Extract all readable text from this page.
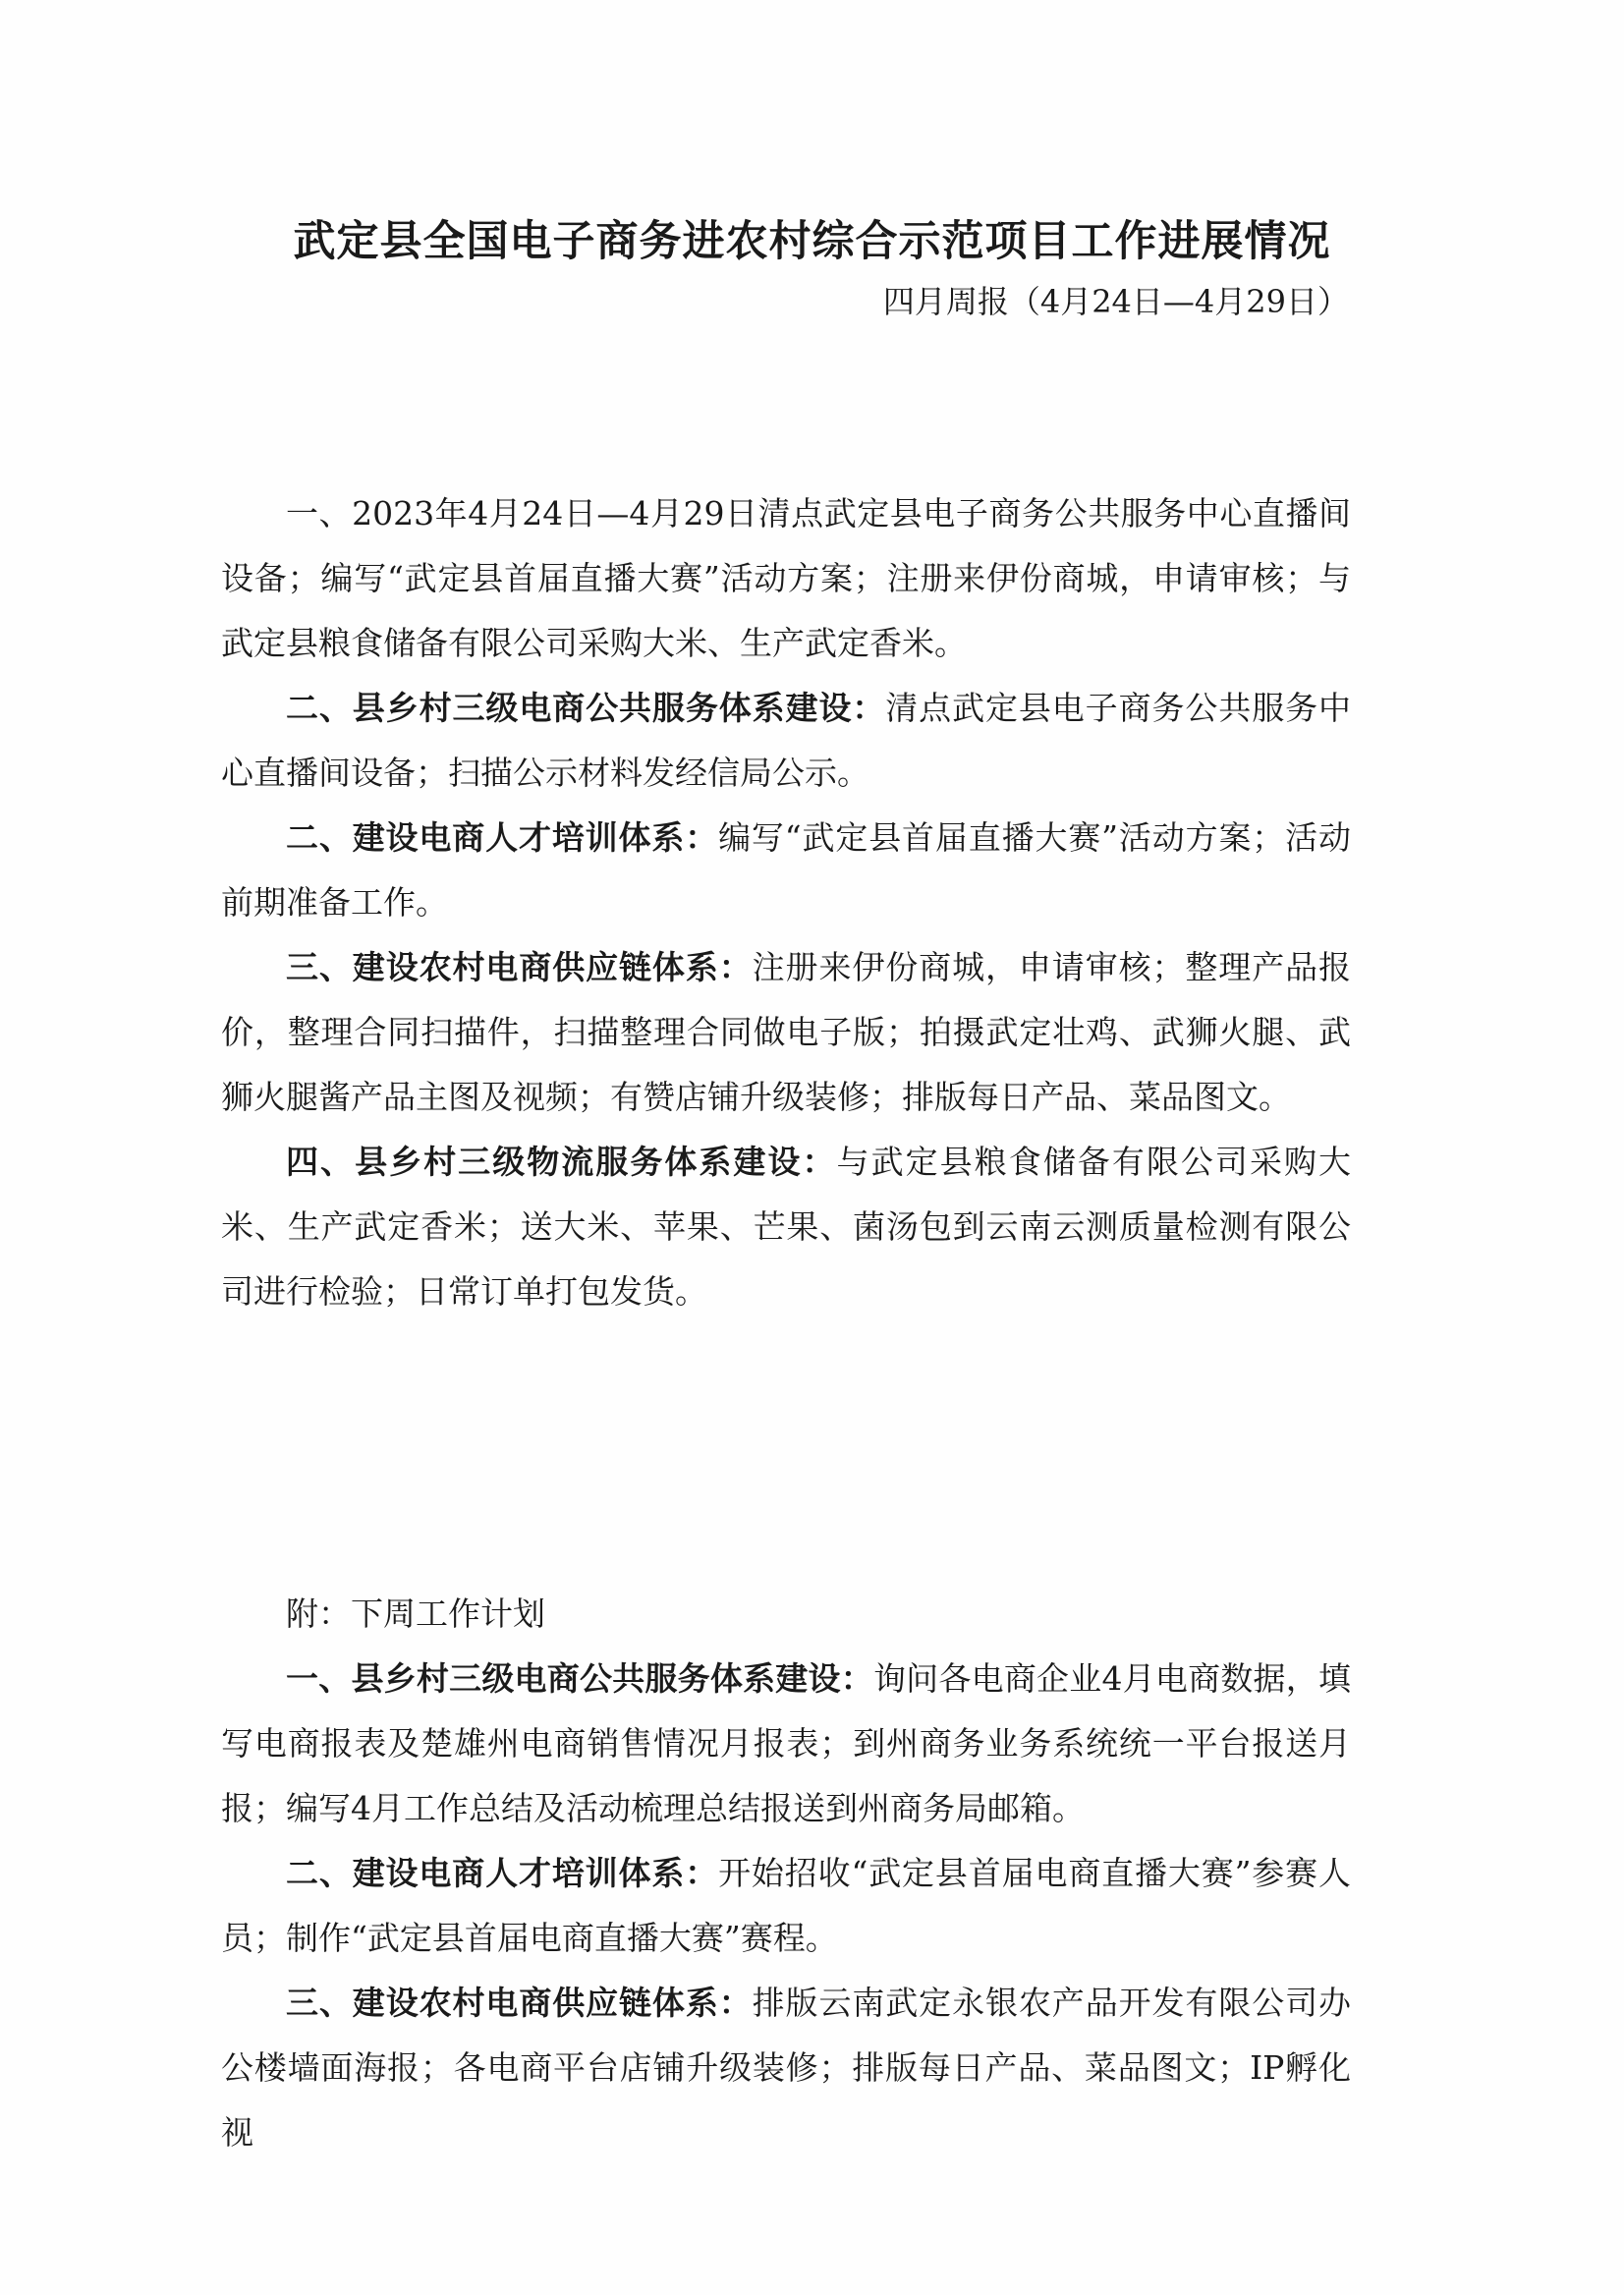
武定县全国电子商务进农村综合示范项目工作进展情况
四月周报（4月24日—4月29日）

一、2023年4月24日—4月29日清点武定县电子商务公共服务中心直播间设备；编写“武定县首届直播大赛”活动方案；注册来伊份商城，申请审核；与武定县粮食储备有限公司采购大米、生产武定香米。

二、县乡村三级电商公共服务体系建设：清点武定县电子商务公共服务中心直播间设备；扫描公示材料发经信局公示。

二、建设电商人才培训体系：编写“武定县首届直播大赛”活动方案；活动前期准备工作。

三、建设农村电商供应链体系：注册来伊份商城，申请审核；整理产品报价，整理合同扫描件，扫描整理合同做电子版；拍摄武定壮鸡、武狮火腿、武狮火腿酱产品主图及视频；有赞店铺升级装修；排版每日产品、菜品图文。

四、县乡村三级物流服务体系建设：与武定县粮食储备有限公司采购大米、生产武定香米；送大米、苹果、芒果、菌汤包到云南云测质量检测有限公司进行检验；日常订单打包发货。

附：下周工作计划

一、县乡村三级电商公共服务体系建设：询问各电商企业4月电商数据，填写电商报表及楚雄州电商销售情况月报表；到州商务业务系统统一平台报送月报；编写4月工作总结及活动梳理总结报送到州商务局邮箱。

二、建设电商人才培训体系：开始招收“武定县首届电商直播大赛”参赛人员；制作“武定县首届电商直播大赛”赛程。

三、建设农村电商供应链体系：排版云南武定永银农产品开发有限公司办公楼墙面海报；各电商平台店铺升级装修；排版每日产品、菜品图文；IP孵化视
